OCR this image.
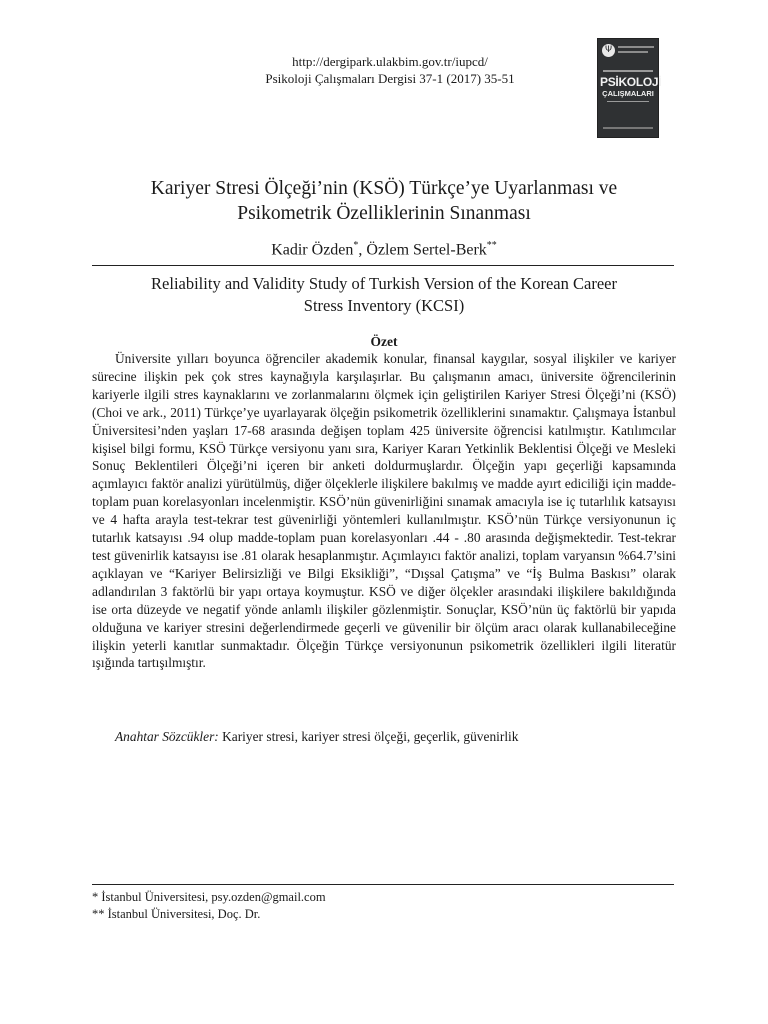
http://dergipark.ulakbim.gov.tr/iupcd/
Psikoloji Çalışmaları Dergisi 37-1 (2017) 35-51
Ψ
PSİKOLOJİ
ÇALIŞMALARI
Kariyer Stresi Ölçeği’nin (KSÖ) Türkçe’ye Uyarlanması ve
Psikometrik Özelliklerinin Sınanması
Kadir Özden*, Özlem Sertel-Berk**
Reliability and Validity Study of Turkish Version of the Korean Career
Stress Inventory (KCSI)
Özet

Üniversite yılları boyunca öğrenciler akademik konular, finansal kaygılar, sosyal ilişkiler ve kariyer sürecine ilişkin pek çok stres kaynağıyla karşılaşırlar. Bu çalışmanın amacı, üniversite öğrencilerinin kariyerle ilgili stres kaynaklarını ve zorlanmalarını ölçmek için geliştirilen Kariyer Stresi Ölçeği’ni (KSÖ) (Choi ve ark., 2011) Türkçe’ye uyarlayarak ölçeğin psikometrik özelliklerini sınamaktır. Çalışmaya İstanbul Üniversitesi’nden yaşları 17-68 arasında değişen toplam 425 üniversite öğrencisi katılmıştır. Katılımcılar kişisel bilgi formu, KSÖ Türkçe versiyonu yanı sıra, Kariyer Kararı Yetkinlik Beklentisi Ölçeği ve Mesleki Sonuç Beklentileri Ölçeği’ni içeren bir anketi doldurmuşlardır. Ölçeğin yapı geçerliği kapsamında açımlayıcı faktör analizi yürütülmüş, diğer ölçeklerle ilişkilere bakılmış ve madde ayırt ediciliği için madde-toplam puan korelasyonları incelenmiştir. KSÖ’nün güvenirliğini sınamak amacıyla ise iç tutarlılık katsayısı ve 4 hafta arayla test-tekrar test güvenirliği yöntemleri kullanılmıştır. KSÖ’nün Türkçe versiyonunun iç tutarlık katsayısı .94 olup madde-toplam puan korelasyonları .44 - .80 arasında değişmektedir. Test-tekrar test güvenirlik katsayısı ise .81 olarak hesaplanmıştır. Açımlayıcı faktör analizi, toplam varyansın %64.7’sini açıklayan ve “Kariyer Belirsizliği ve Bilgi Eksikliği”, “Dışsal Çatışma” ve “İş Bulma Baskısı” olarak adlandırılan 3 faktörlü bir yapı ortaya koymuştur. KSÖ ve diğer ölçekler arasındaki ilişkilere bakıldığında ise orta düzeyde ve negatif yönde anlamlı ilişkiler gözlenmiştir. Sonuçlar, KSÖ’nün üç faktörlü bir yapıda olduğuna ve kariyer stresini değerlendirmede geçerli ve güvenilir bir ölçüm aracı olarak kullanabileceğine ilişkin yeterli kanıtlar sunmaktadır. Ölçeğin Türkçe versiyonunun psikometrik özellikleri ilgili literatür ışığında tartışılmıştır.

Anahtar Sözcükler: Kariyer stresi, kariyer stresi ölçeği, geçerlik, güvenirlik

* İstanbul Üniversitesi, psy.ozden@gmail.com
** İstanbul Üniversitesi, Doç. Dr.
